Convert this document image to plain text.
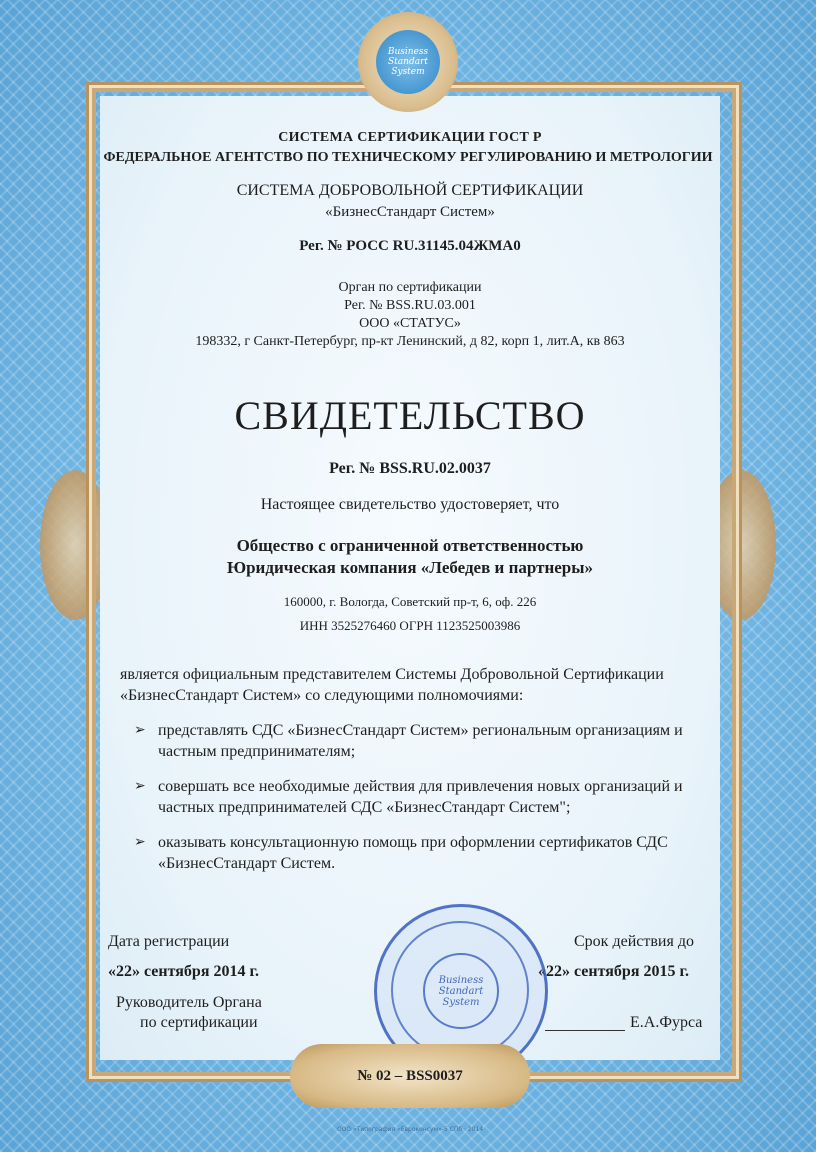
Business Standart System
СИСТЕМА СЕРТИФИКАЦИИ ГОСТ Р
ФЕДЕРАЛЬНОЕ АГЕНТСТВО ПО ТЕХНИЧЕСКОМУ РЕГУЛИРОВАНИЮ И МЕТРОЛОГИИ
СИСТЕМА ДОБРОВОЛЬНОЙ СЕРТИФИКАЦИИ
«БизнесСтандарт Систем»
Рег. № РОСС RU.31145.04ЖМА0
Орган по сертификации
Рег. № BSS.RU.03.001
ООО «СТАТУС»
198332, г Санкт-Петербург, пр-кт Ленинский, д 82, корп 1, лит.А, кв 863
СВИДЕТЕЛЬСТВО
Рег. № BSS.RU.02.0037
Настоящее свидетельство удостоверяет, что
Общество с ограниченной ответственностью
Юридическая компания «Лебедев и партнеры»
160000, г. Вологда, Советский пр-т, 6, оф. 226
ИНН 3525276460 ОГРН 1123525003986
является официальным представителем Системы Добровольной Сертификации «БизнесСтандарт Систем» со следующими полномочиями:
➢ представлять СДС «БизнесСтандарт Систем» региональным организациям и частным предпринимателям;
➢ совершать все необходимые действия для привлечения новых организаций и частных предпринимателей СДС «БизнесСтандарт Систем";
➢ оказывать консультационную помощь при оформлении сертификатов СДС «БизнесСтандарт Систем.
Дата регистрации
«22» сентября 2014 г.
Срок действия до
«22» сентября 2015 г.
Руководитель Органа
по сертификации	Е.А.Фурса
Business Standart System
№ 02 – BSS0037
ООО «Типография «Евроконсум»-5 СПб · 2014
